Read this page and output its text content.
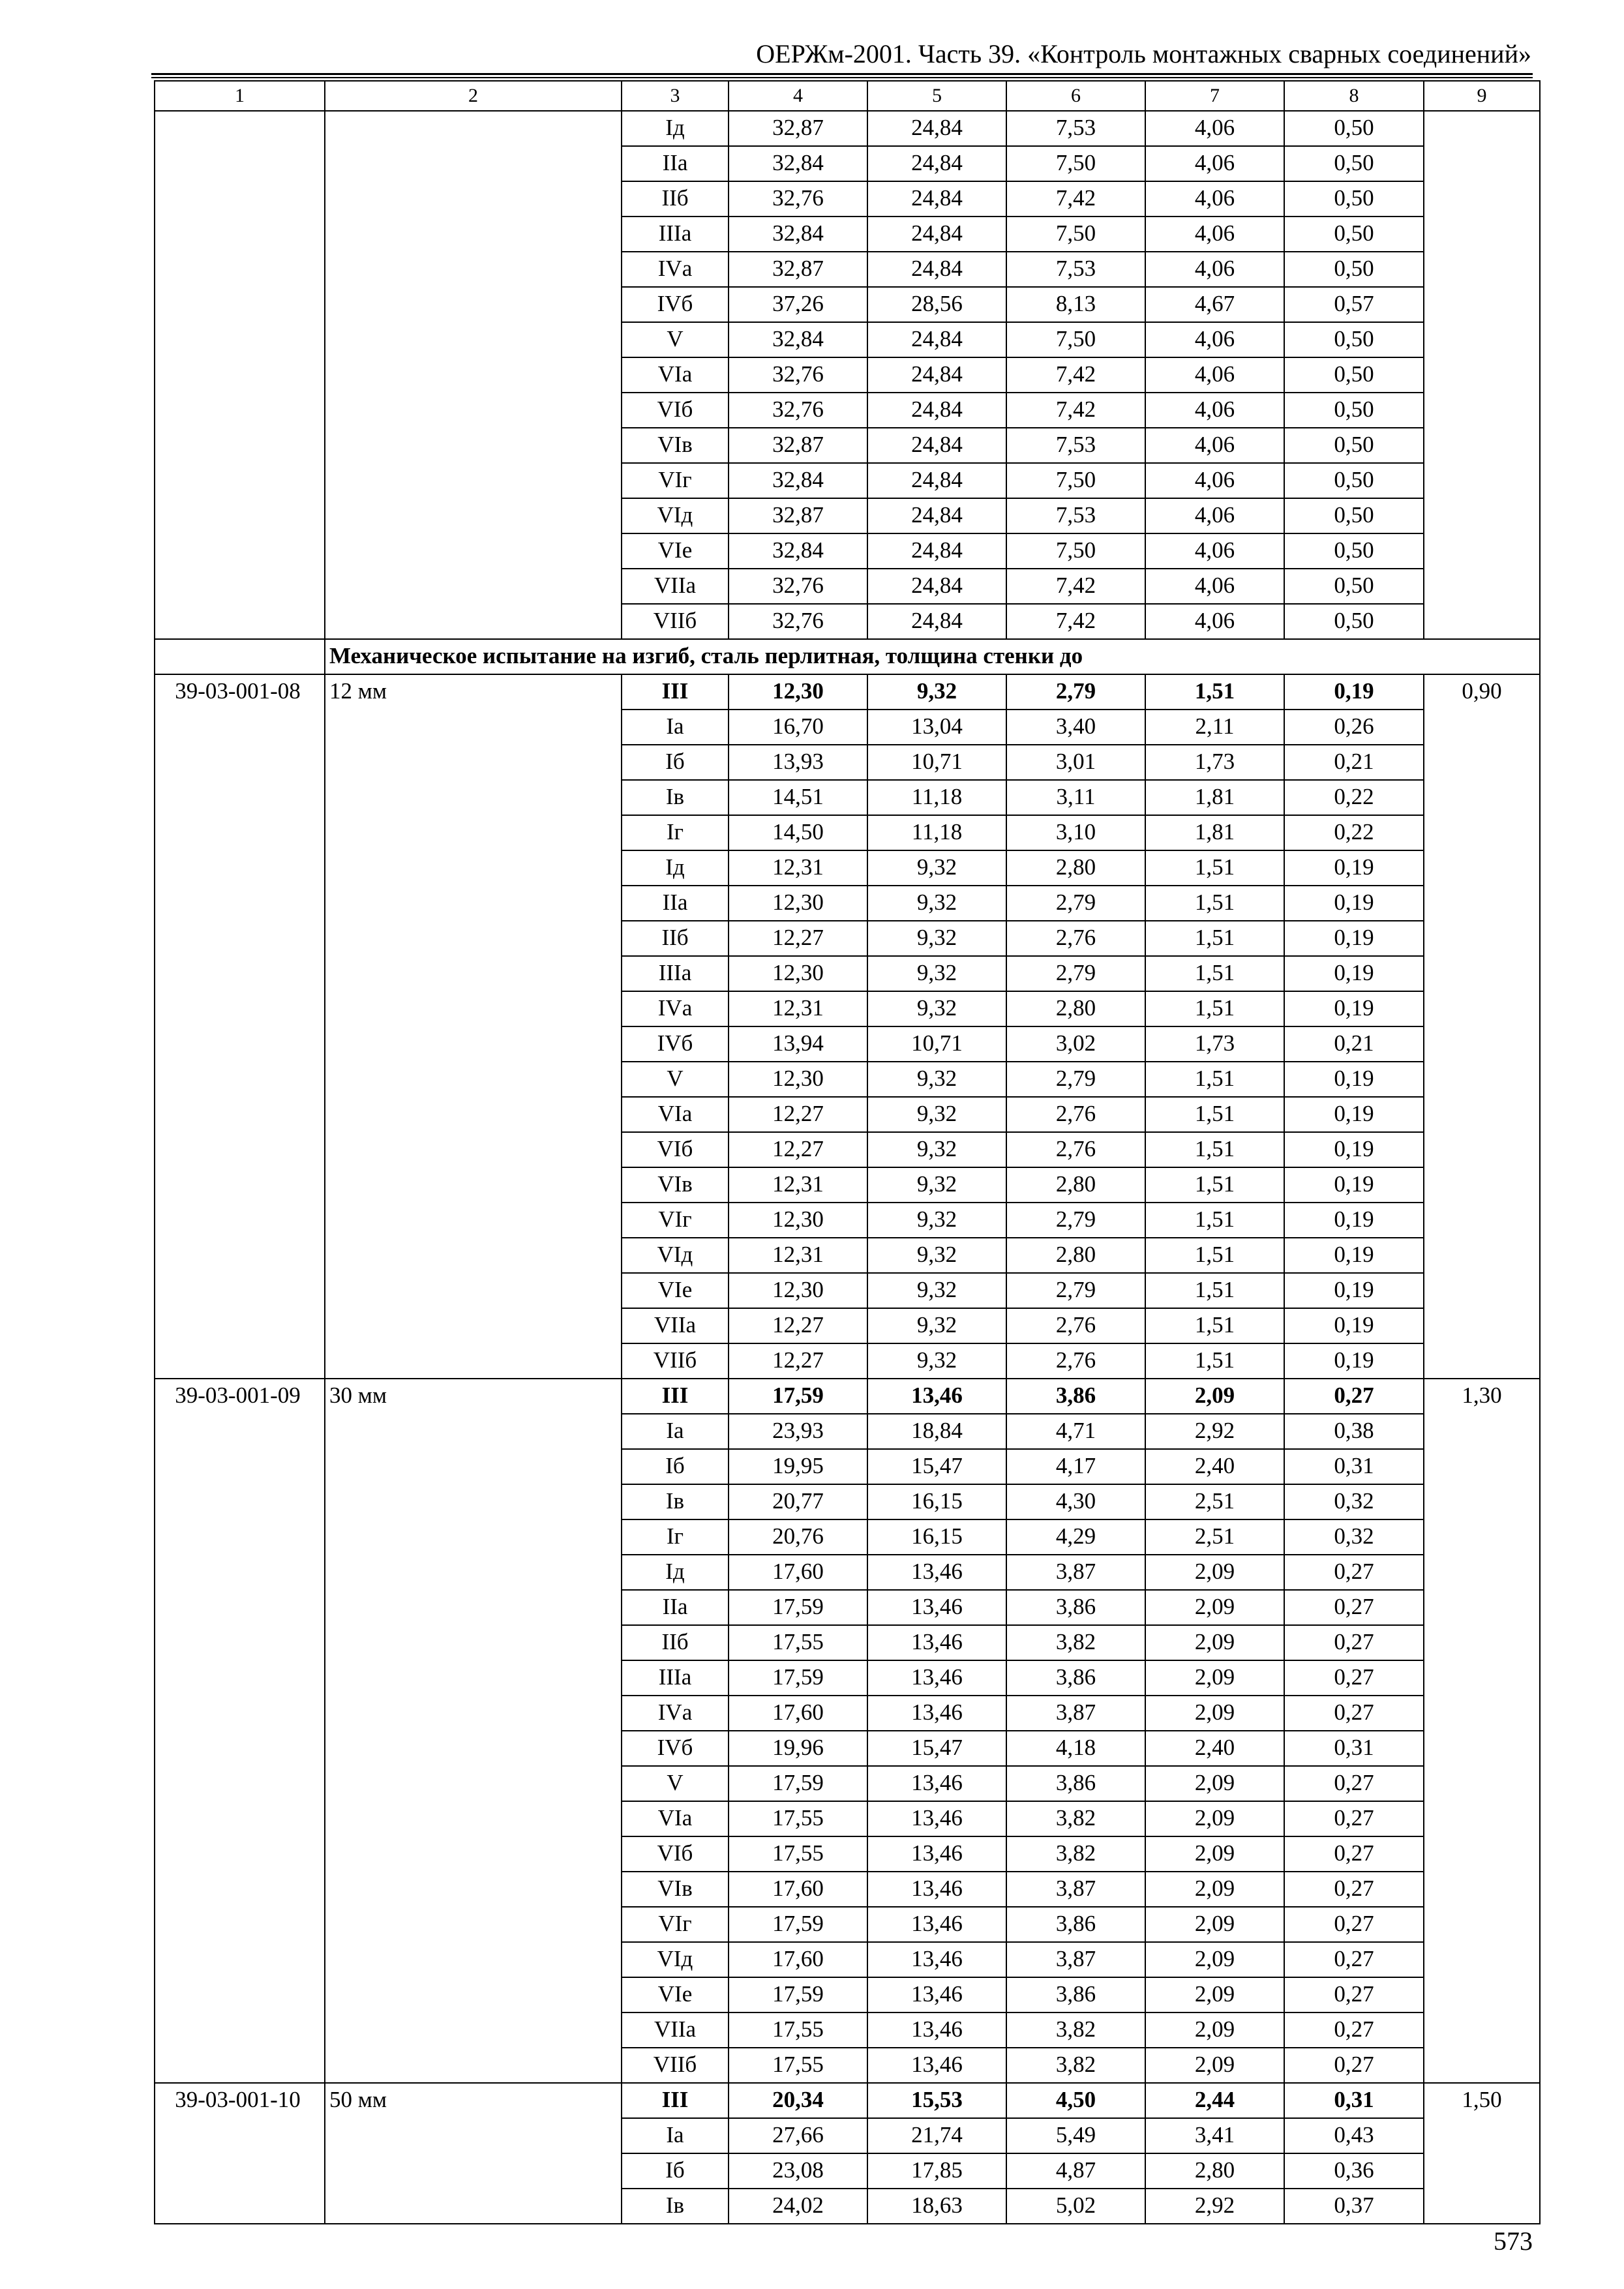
ОЕРЖм-2001. Часть 39. «Контроль монтажных сварных соединений»
1	2	3	4	5	6	7	8	9
		Iд	32,87	24,84	7,53	4,06	0,50	
		IIа	32,84	24,84	7,50	4,06	0,50	
		IIб	32,76	24,84	7,42	4,06	0,50	
		IIIа	32,84	24,84	7,50	4,06	0,50	
		IVа	32,87	24,84	7,53	4,06	0,50	
		IVб	37,26	28,56	8,13	4,67	0,57	
		V	32,84	24,84	7,50	4,06	0,50	
		VIа	32,76	24,84	7,42	4,06	0,50	
		VIб	32,76	24,84	7,42	4,06	0,50	
		VIв	32,87	24,84	7,53	4,06	0,50	
		VIг	32,84	24,84	7,50	4,06	0,50	
		VIд	32,87	24,84	7,53	4,06	0,50	
		VIе	32,84	24,84	7,50	4,06	0,50	
		VIIа	32,76	24,84	7,42	4,06	0,50	
		VIIб	32,76	24,84	7,42	4,06	0,50	
	Механическое испытание на изгиб, сталь перлитная, толщина стенки до							
39-03-001-08	12 мм	III	12,30	9,32	2,79	1,51	0,19	0,90
		Iа	16,70	13,04	3,40	2,11	0,26	
		Iб	13,93	10,71	3,01	1,73	0,21	
		Iв	14,51	11,18	3,11	1,81	0,22	
		Iг	14,50	11,18	3,10	1,81	0,22	
		Iд	12,31	9,32	2,80	1,51	0,19	
		IIа	12,30	9,32	2,79	1,51	0,19	
		IIб	12,27	9,32	2,76	1,51	0,19	
		IIIа	12,30	9,32	2,79	1,51	0,19	
		IVа	12,31	9,32	2,80	1,51	0,19	
		IVб	13,94	10,71	3,02	1,73	0,21	
		V	12,30	9,32	2,79	1,51	0,19	
		VIа	12,27	9,32	2,76	1,51	0,19	
		VIб	12,27	9,32	2,76	1,51	0,19	
		VIв	12,31	9,32	2,80	1,51	0,19	
		VIг	12,30	9,32	2,79	1,51	0,19	
		VIд	12,31	9,32	2,80	1,51	0,19	
		VIе	12,30	9,32	2,79	1,51	0,19	
		VIIа	12,27	9,32	2,76	1,51	0,19	
		VIIб	12,27	9,32	2,76	1,51	0,19	
39-03-001-09	30 мм	III	17,59	13,46	3,86	2,09	0,27	1,30
		Iа	23,93	18,84	4,71	2,92	0,38	
		Iб	19,95	15,47	4,17	2,40	0,31	
		Iв	20,77	16,15	4,30	2,51	0,32	
		Iг	20,76	16,15	4,29	2,51	0,32	
		Iд	17,60	13,46	3,87	2,09	0,27	
		IIа	17,59	13,46	3,86	2,09	0,27	
		IIб	17,55	13,46	3,82	2,09	0,27	
		IIIа	17,59	13,46	3,86	2,09	0,27	
		IVа	17,60	13,46	3,87	2,09	0,27	
		IVб	19,96	15,47	4,18	2,40	0,31	
		V	17,59	13,46	3,86	2,09	0,27	
		VIа	17,55	13,46	3,82	2,09	0,27	
		VIб	17,55	13,46	3,82	2,09	0,27	
		VIв	17,60	13,46	3,87	2,09	0,27	
		VIг	17,59	13,46	3,86	2,09	0,27	
		VIд	17,60	13,46	3,87	2,09	0,27	
		VIе	17,59	13,46	3,86	2,09	0,27	
		VIIа	17,55	13,46	3,82	2,09	0,27	
		VIIб	17,55	13,46	3,82	2,09	0,27	
39-03-001-10	50 мм	III	20,34	15,53	4,50	2,44	0,31	1,50
		Iа	27,66	21,74	5,49	3,41	0,43	
		Iб	23,08	17,85	4,87	2,80	0,36	
		Iв	24,02	18,63	5,02	2,92	0,37	
573
